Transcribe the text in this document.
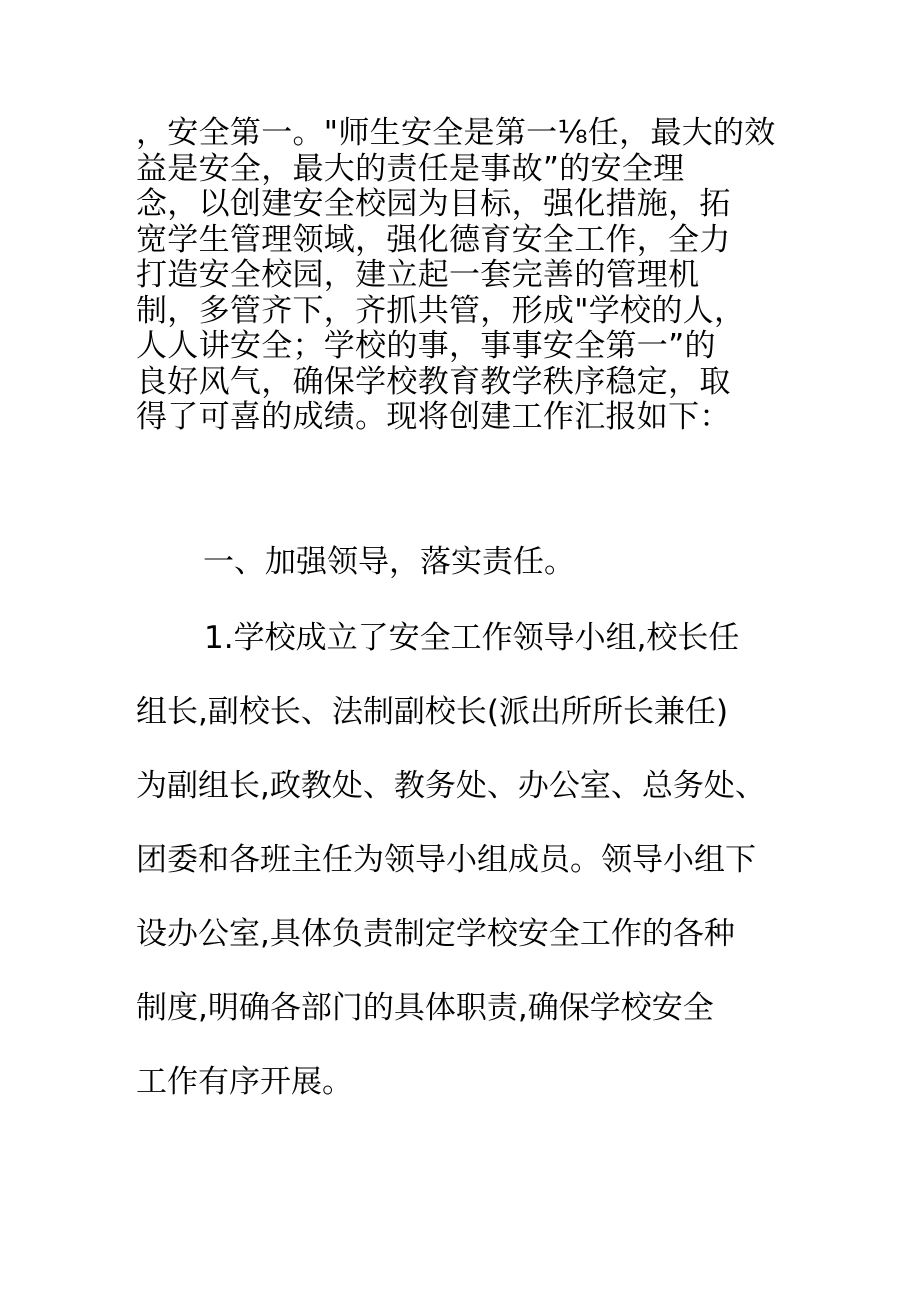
，安全第一。"师生安全是第一⅛任，最大的效
益是安全，最大的责任是事故”的安全理
念，以创建安全校园为目标，强化措施，拓
宽学生管理领域，强化德育安全工作，全力
打造安全校园，建立起一套完善的管理机
制，多管齐下，齐抓共管，形成"学校的人，
人人讲安全；学校的事，事事安全第一”的
良好风气，确保学校教育教学秩序稳定，取
得了可喜的成绩。现将创建工作汇报如下：
一、加强领导，落实责任。
1.学校成立了安全工作领导小组,校长任
组长,副校长、法制副校长(派出所所长兼任)
为副组长,政教处、教务处、办公室、总务处、
团委和各班主任为领导小组成员。领导小组下
设办公室,具体负责制定学校安全工作的各种
制度,明确各部门的具体职责,确保学校安全
工作有序开展。
